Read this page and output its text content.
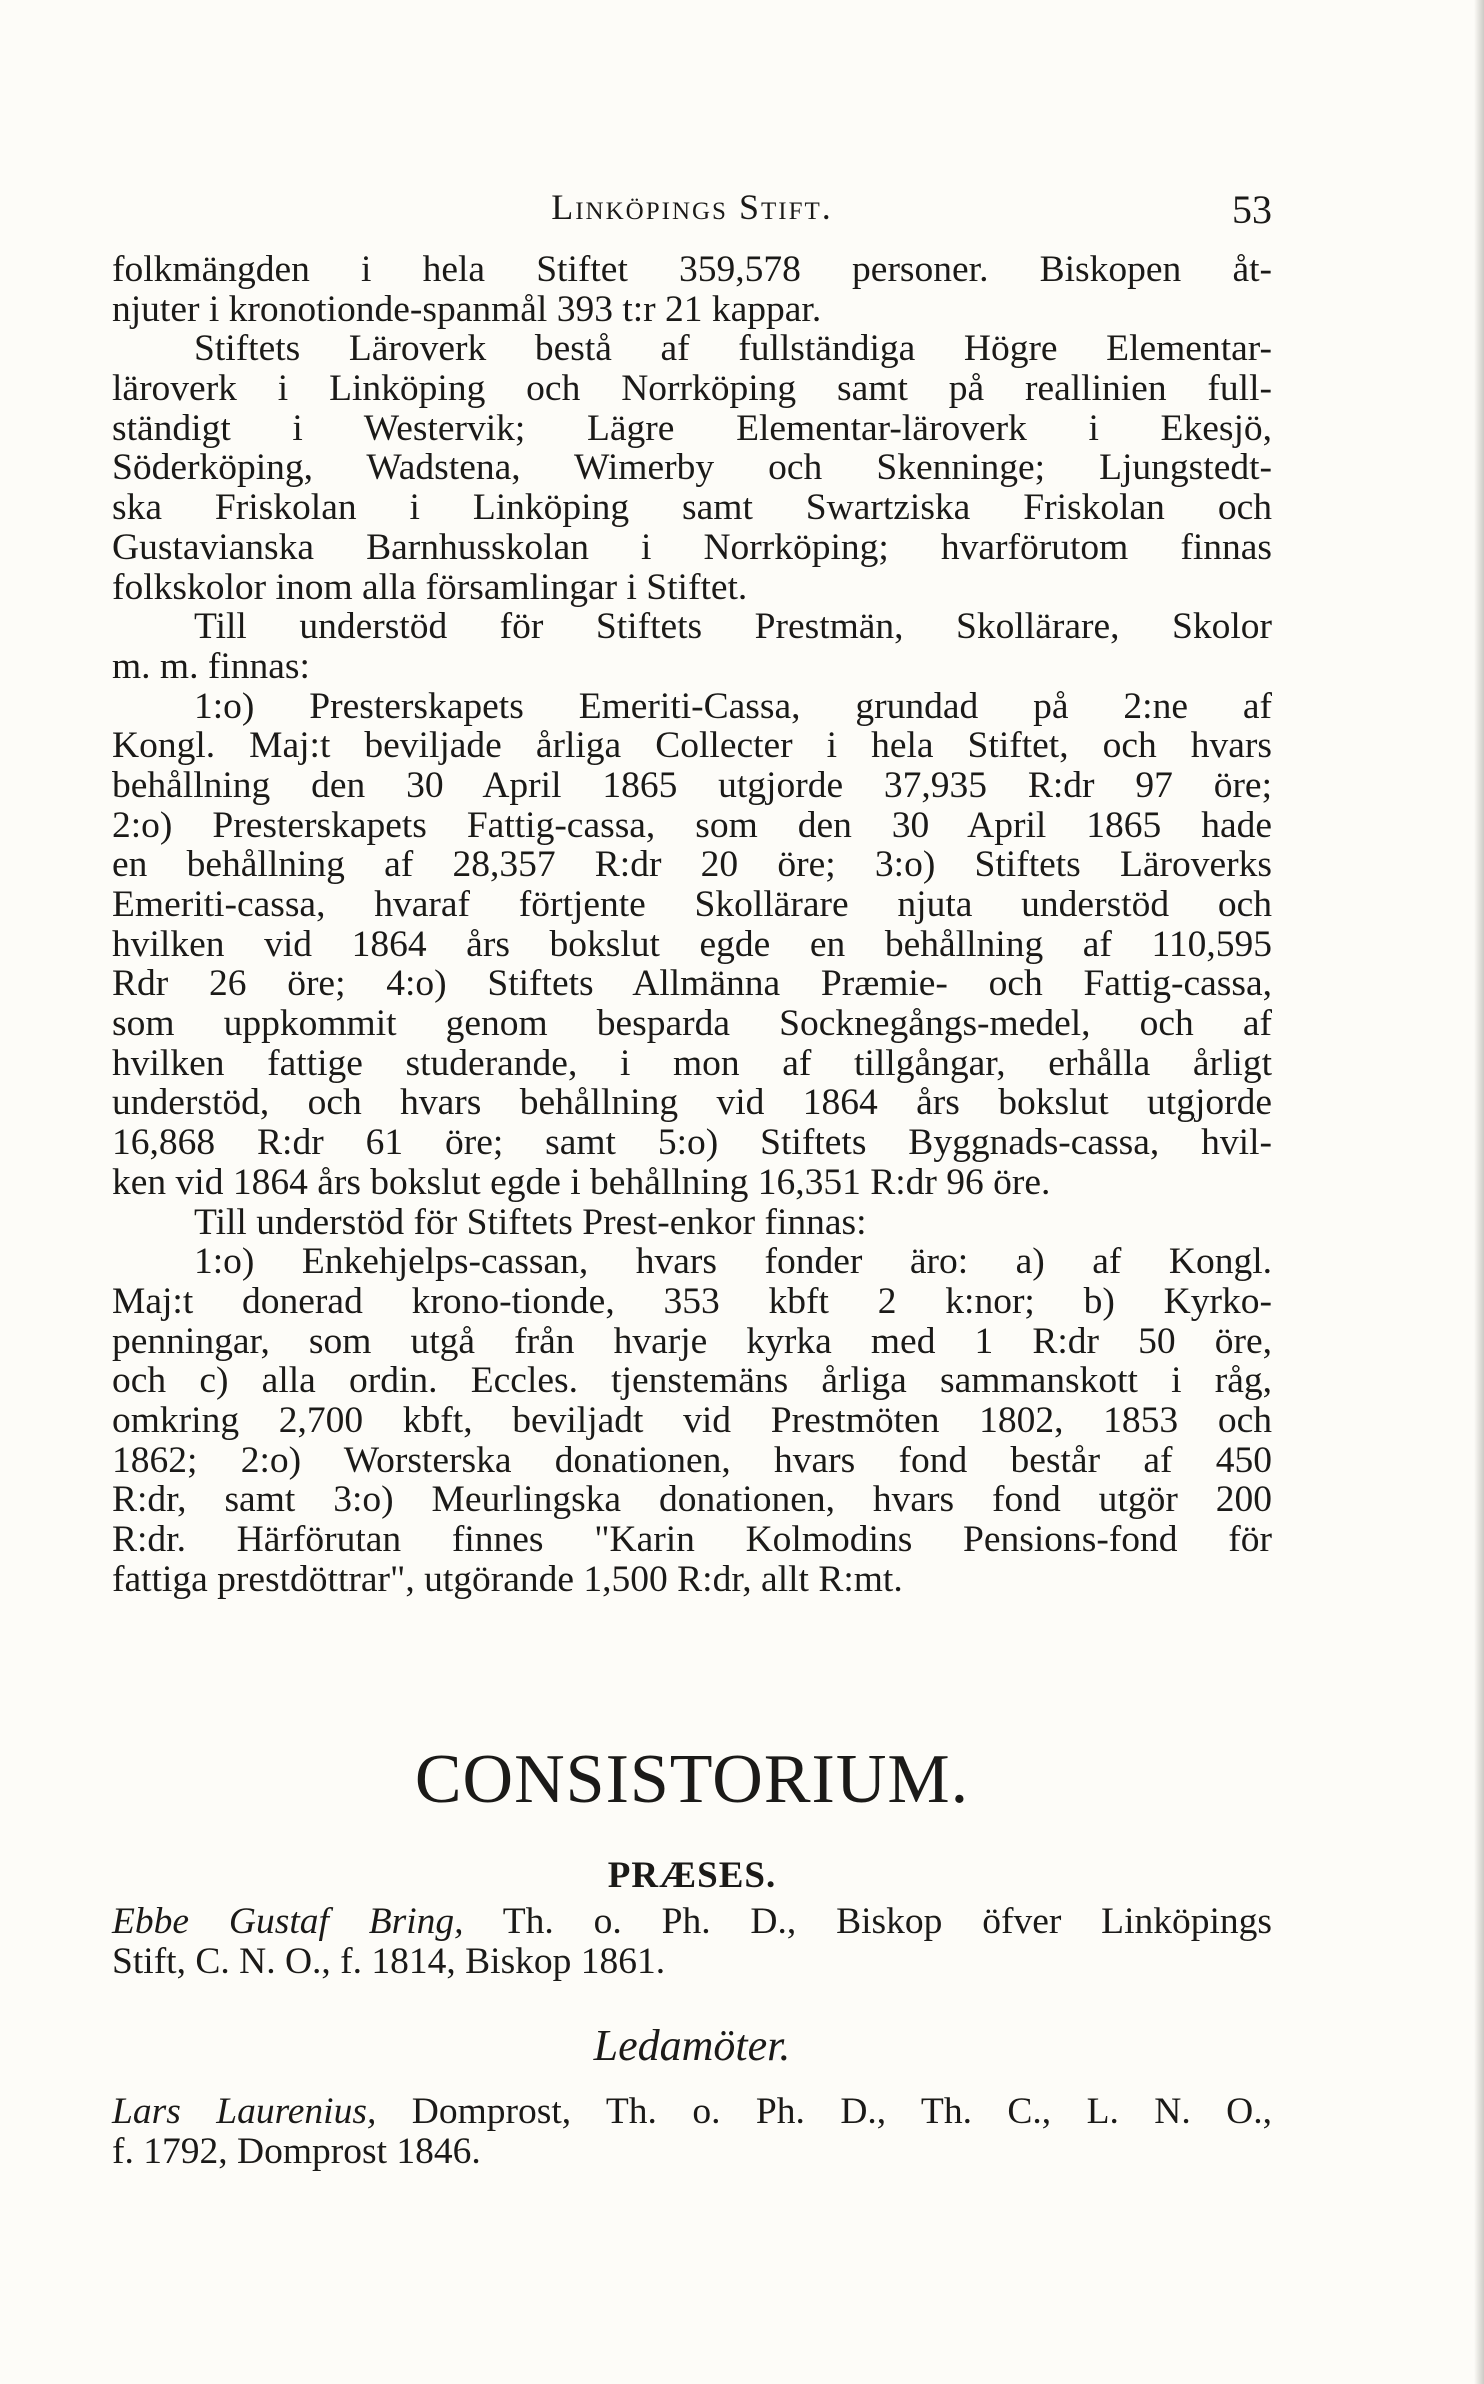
Linköpings Stift.	53
folkmängden i hela Stiftet 359,578 personer. Biskopen åt-
njuter i kronotionde-spanmål 393 t:r 21 kappar.
Stiftets Läroverk bestå af fullständiga Högre Elementar-
läroverk i Linköping och Norrköping samt på reallinien full-
ständigt i Westervik; Lägre Elementar-läroverk i Ekesjö,
Söderköping, Wadstena, Wimerby och Skenninge; Ljungstedt-
ska Friskolan i Linköping samt Swartziska Friskolan och
Gustavianska Barnhusskolan i Norrköping; hvarförutom finnas
folkskolor inom alla församlingar i Stiftet.
Till understöd för Stiftets Prestmän, Skollärare, Skolor
m. m. finnas:
1:o) Presterskapets Emeriti-Cassa, grundad på 2:ne af
Kongl. Maj:t beviljade årliga Collecter i hela Stiftet, och hvars
behållning den 30 April 1865 utgjorde 37,935 R:dr 97 öre;
2:o) Presterskapets Fattig-cassa, som den 30 April 1865 hade
en behållning af 28,357 R:dr 20 öre; 3:o) Stiftets Läroverks
Emeriti-cassa, hvaraf förtjente Skollärare njuta understöd och
hvilken vid 1864 års bokslut egde en behållning af 110,595
Rdr 26 öre; 4:o) Stiftets Allmänna Præmie- och Fattig-cassa,
som uppkommit genom besparda Socknegångs-medel, och af
hvilken fattige studerande, i mon af tillgångar, erhålla årligt
understöd, och hvars behållning vid 1864 års bokslut utgjorde
16,868 R:dr 61 öre; samt 5:o) Stiftets Byggnads-cassa, hvil-
ken vid 1864 års bokslut egde i behållning 16,351 R:dr 96 öre.
Till understöd för Stiftets Prest-enkor finnas:
1:o) Enkehjelps-cassan, hvars fonder äro: a) af Kongl.
Maj:t donerad krono-tionde, 353 kbft 2 k:nor; b) Kyrko-
penningar, som utgå från hvarje kyrka med 1 R:dr 50 öre,
och c) alla ordin. Eccles. tjenstemäns årliga sammanskott i råg,
omkring 2,700 kbft, beviljadt vid Prestmöten 1802, 1853 och
1862; 2:o) Worsterska donationen, hvars fond består af 450
R:dr, samt 3:o) Meurlingska donationen, hvars fond utgör 200
R:dr. Härförutan finnes "Karin Kolmodins Pensions-fond för
fattiga prestdöttrar", utgörande 1,500 R:dr, allt R:mt.
CONSISTORIUM.
PRÆSES.
Ebbe Gustaf Bring, Th. o. Ph. D., Biskop öfver Linköpings
Stift, C. N. O., f. 1814, Biskop 1861.
Ledamöter.
Lars Laurenius, Domprost, Th. o. Ph. D., Th. C., L. N. O.,
f. 1792, Domprost 1846.
